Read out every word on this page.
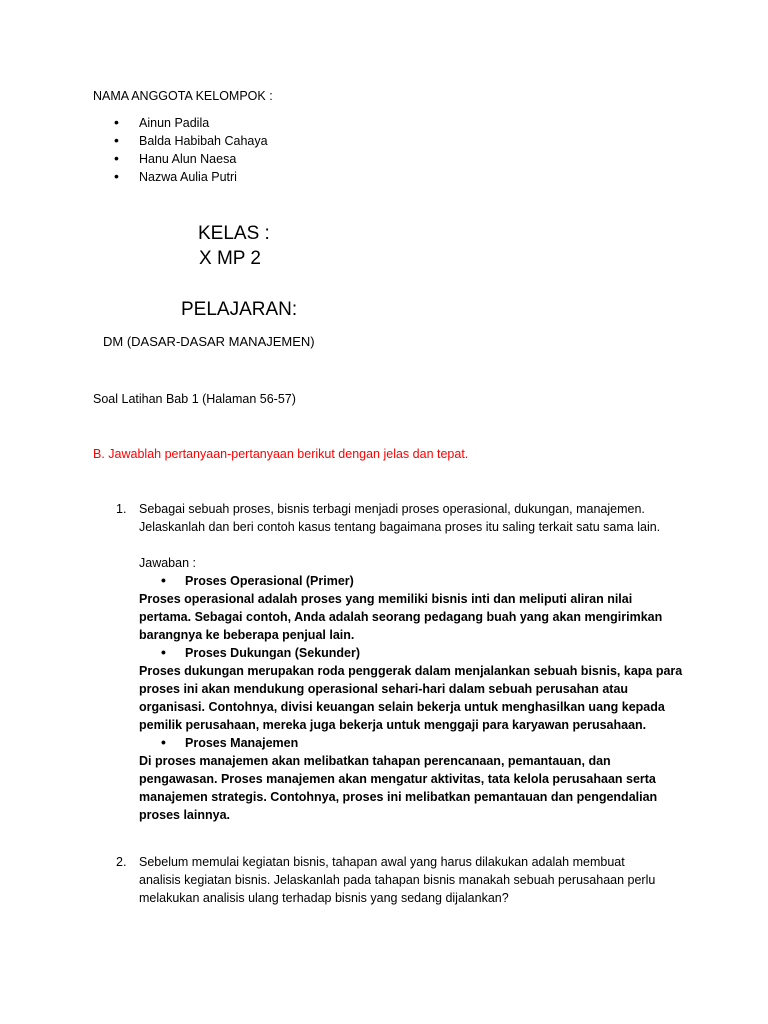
NAMA ANGGOTA KELOMPOK :
• Ainun Padila
• Balda Habibah Cahaya
• Hanu Alun Naesa
• Nazwa Aulia Putri
KELAS :
X MP 2
PELAJARAN:
DM (DASAR-DASAR MANAJEMEN)
Soal Latihan Bab 1 (Halaman 56-57)
B. Jawablah pertanyaan-pertanyaan berikut dengan jelas dan tepat.
1. Sebagai sebuah proses, bisnis terbagi menjadi proses operasional, dukungan, manajemen.
Jelaskanlah dan beri contoh kasus tentang bagaimana proses itu saling terkait satu sama lain.
Jawaban :
• Proses Operasional (Primer)
Proses operasional adalah proses yang memiliki bisnis inti dan meliputi aliran nilai
pertama. Sebagai contoh, Anda adalah seorang pedagang buah yang akan mengirimkan
barangnya ke beberapa penjual lain.
• Proses Dukungan (Sekunder)
Proses dukungan merupakan roda penggerak dalam menjalankan sebuah bisnis, kapa para
proses ini akan mendukung operasional sehari-hari dalam sebuah perusahan atau
organisasi. Contohnya, divisi keuangan selain bekerja untuk menghasilkan uang kepada
pemilik perusahaan, mereka juga bekerja untuk menggaji para karyawan perusahaan.
• Proses Manajemen
Di proses manajemen akan melibatkan tahapan perencanaan, pemantauan, dan
pengawasan. Proses manajemen akan mengatur aktivitas, tata kelola perusahaan serta
manajemen strategis. Contohnya, proses ini melibatkan pemantauan dan pengendalian
proses lainnya.
2. Sebelum memulai kegiatan bisnis, tahapan awal yang harus dilakukan adalah membuat
analisis kegiatan bisnis. Jelaskanlah pada tahapan bisnis manakah sebuah perusahaan perlu
melakukan analisis ulang terhadap bisnis yang sedang dijalankan?
